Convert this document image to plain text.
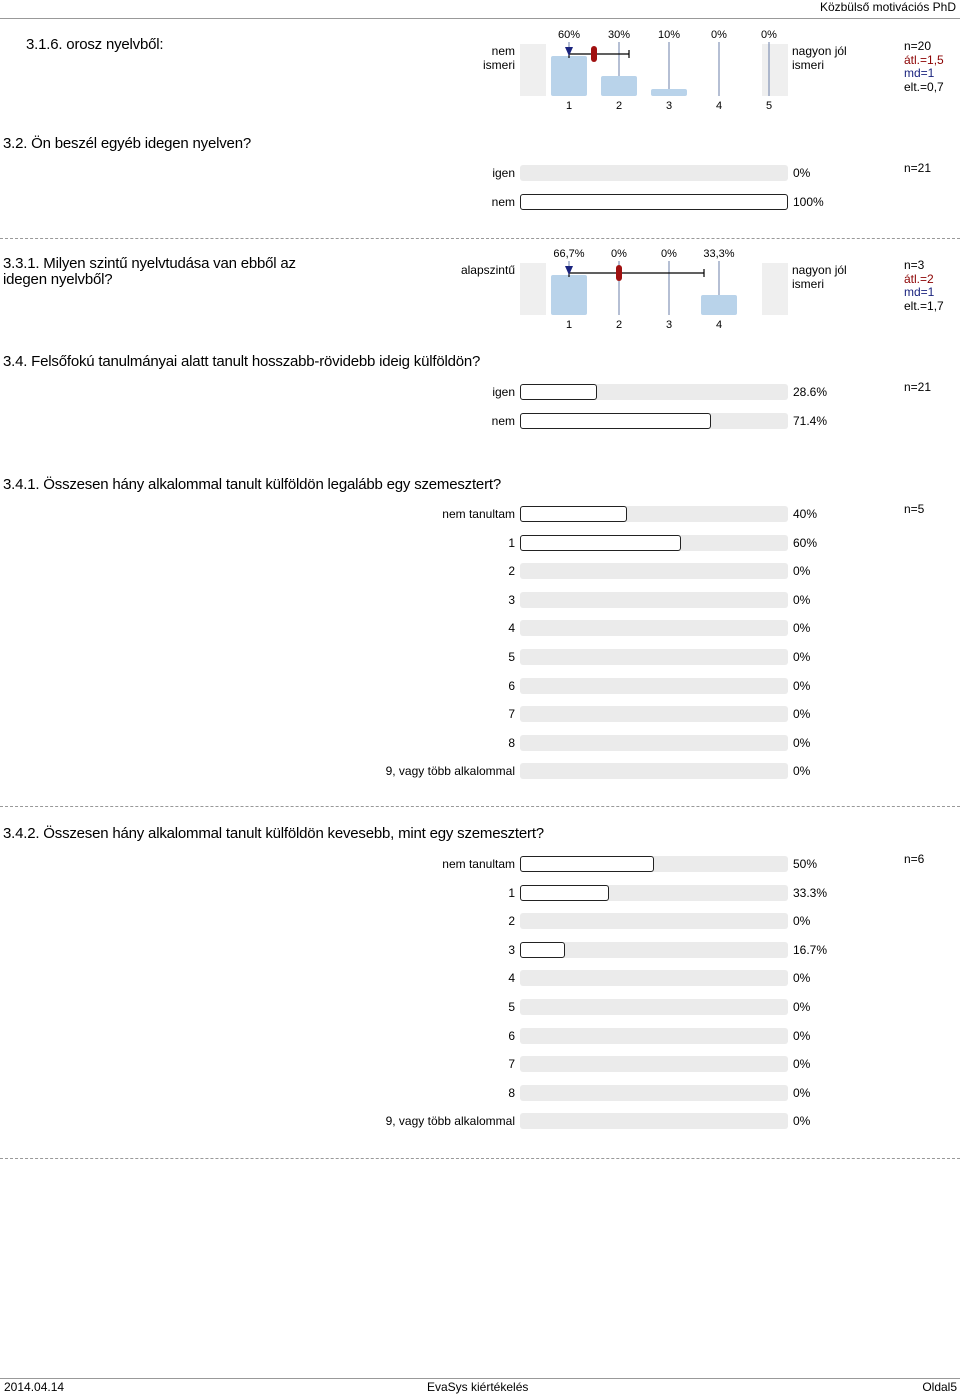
Közbülső motivációs PhD
3.1.6. orosz nyelvből:	nem
ismeri
nagyon jól
ismeri
60%	30%	10%	0%	0%
1	2	3	4	5
n=20
átl.=1,5
md=1
elt.=0,7
3.2. Ön beszél egyéb idegen nyelven?
n=21
igen	0%
nem	100%
3.3.1. Milyen szintű nyelvtudása van ebből az
idegen nyelvből?
alapszintű	nagyon jól
ismeri
66,7% 0%	0% 33,3%
1	2	3	4
n=3
átl.=2
md=1
elt.=1,7
3.4. Felsőfokú tanulmányai alatt tanult hosszabb-rövidebb ideig külföldön?
n=21
igen	28.6%
nem	71.4%
3.4.1. Összesen hány alkalommal tanult külföldön legalább egy szemesztert?
n=5
nem tanultam	40%
1	60%
2	0%
3	0%
4	0%
5	0%
6	0%
7	0%
8	0%
9, vagy több alkalommal	0%
3.4.2. Összesen hány alkalommal tanult külföldön kevesebb, mint egy szemesztert?
n=6
nem tanultam	50%
1	33.3%
2	0%
3	16.7%
4	0%
5	0%
6	0%
7	0%
8	0%
9, vagy több alkalommal	0%
2014.04.14	EvaSys kiértékelés	Oldal5
